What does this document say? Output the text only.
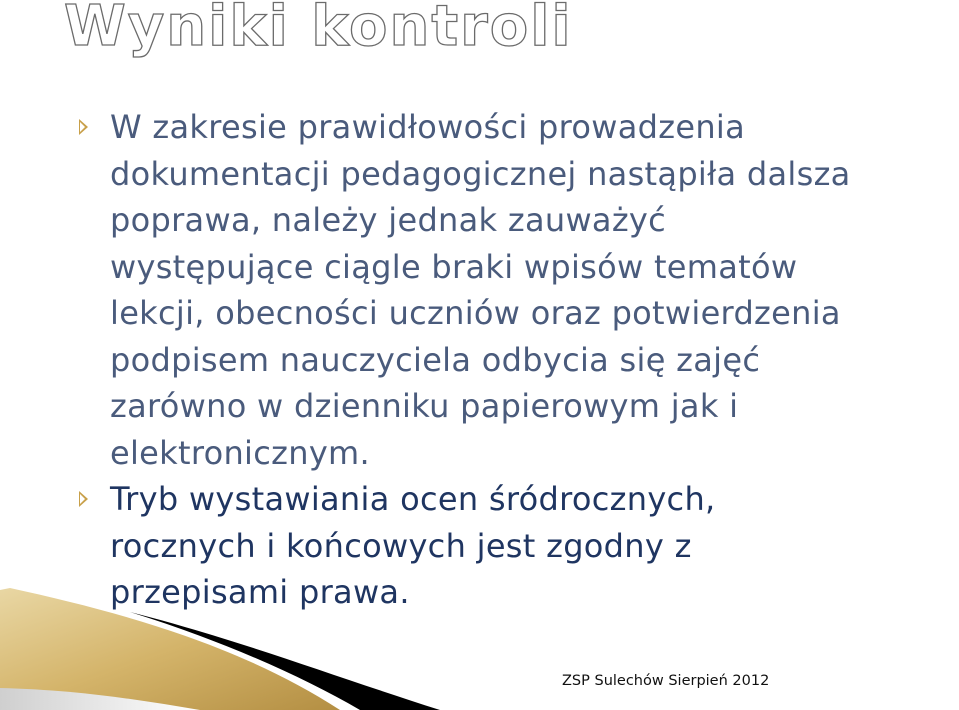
Wyniki kontroli
W zakresie prawidłowości prowadzenia
dokumentacji pedagogicznej nastąpiła dalsza
poprawa, należy jednak zauważyć
występujące ciągle braki wpisów tematów
lekcji, obecności uczniów oraz potwierdzenia
podpisem nauczyciela odbycia się zajęć
zarówno w dzienniku papierowym jak i
elektronicznym.
Tryb wystawiania ocen śródrocznych,
rocznych i końcowych jest zgodny z
przepisami prawa.
ZSP Sulechów Sierpień 2012
